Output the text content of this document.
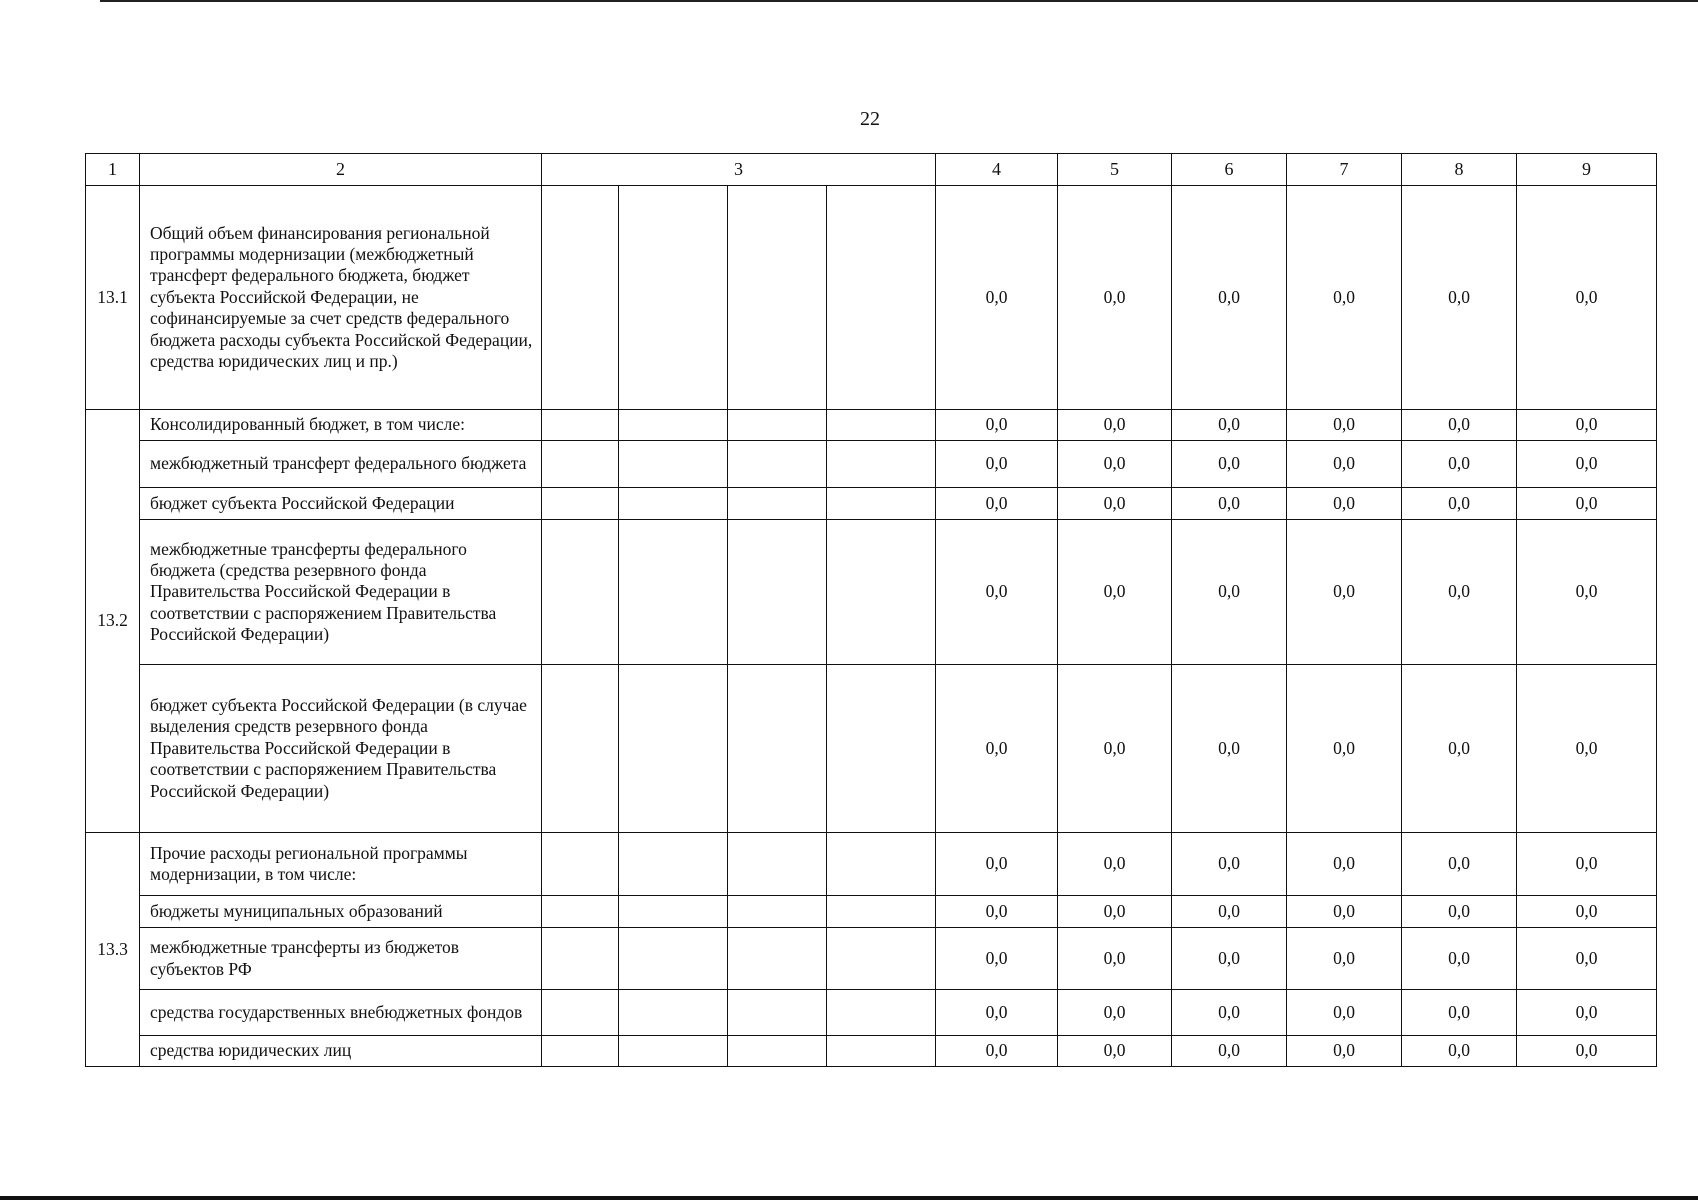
22
1	2	3				4	5	6	7	8	9
13.1	Общий объем финансирования региональной программы модернизации (межбюджетный трансферт федерального бюджета, бюджет субъекта Российской Федерации, не софинансируемые за счет средств федерального бюджета расходы субъекта Российской Федерации, средства юридических лиц и пр.)					0,0	0,0	0,0	0,0	0,0	0,0
13.2	Консолидированный бюджет, в том числе:					0,0	0,0	0,0	0,0	0,0	0,0
	межбюджетный трансферт федерального бюджета					0,0	0,0	0,0	0,0	0,0	0,0
	бюджет субъекта Российской Федерации					0,0	0,0	0,0	0,0	0,0	0,0
	межбюджетные трансферты федерального бюджета (средства резервного фонда Правительства Российской Федерации в соответствии с распоряжением Правительства Российской Федерации)					0,0	0,0	0,0	0,0	0,0	0,0
	бюджет субъекта Российской Федерации (в случае выделения средств резервного фонда Правительства Российской Федерации в соответствии с распоряжением Правительства Российской Федерации)					0,0	0,0	0,0	0,0	0,0	0,0
13.3	Прочие расходы региональной программы модернизации, в том числе:					0,0	0,0	0,0	0,0	0,0	0,0
	бюджеты муниципальных образований					0,0	0,0	0,0	0,0	0,0	0,0
	межбюджетные трансферты из бюджетов субъектов РФ					0,0	0,0	0,0	0,0	0,0	0,0
	средства государственных внебюджетных фондов					0,0	0,0	0,0	0,0	0,0	0,0
	средства юридических лиц					0,0	0,0	0,0	0,0	0,0	0,0
